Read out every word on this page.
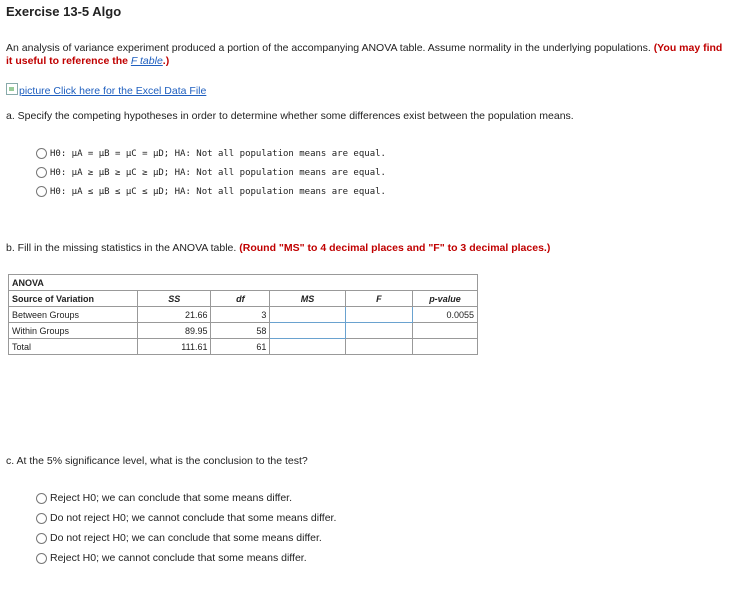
Exercise 13-5 Algo
An analysis of variance experiment produced a portion of the accompanying ANOVA table. Assume normality in the underlying populations. (You may find it useful to reference the F table.)
picture Click here for the Excel Data File
a. Specify the competing hypotheses in order to determine whether some differences exist between the population means.
H0: μA = μB = μC = μD; HA: Not all population means are equal.
H0: μA ≥ μB ≥ μC ≥ μD; HA: Not all population means are equal.
H0: μA ≤ μB ≤ μC ≤ μD; HA: Not all population means are equal.
b. Fill in the missing statistics in the ANOVA table. (Round "MS" to 4 decimal places and "F" to 3 decimal places.)
ANOVA					
Source of Variation	SS	df	MS	F	p-value
Between Groups	21.66	3			0.0055
Within Groups	89.95	58			
Total	111.61	61			
c. At the 5% significance level, what is the conclusion to the test?
Reject H0; we can conclude that some means differ.
Do not reject H0; we cannot conclude that some means differ.
Do not reject H0; we can conclude that some means differ.
Reject H0; we cannot conclude that some means differ.
